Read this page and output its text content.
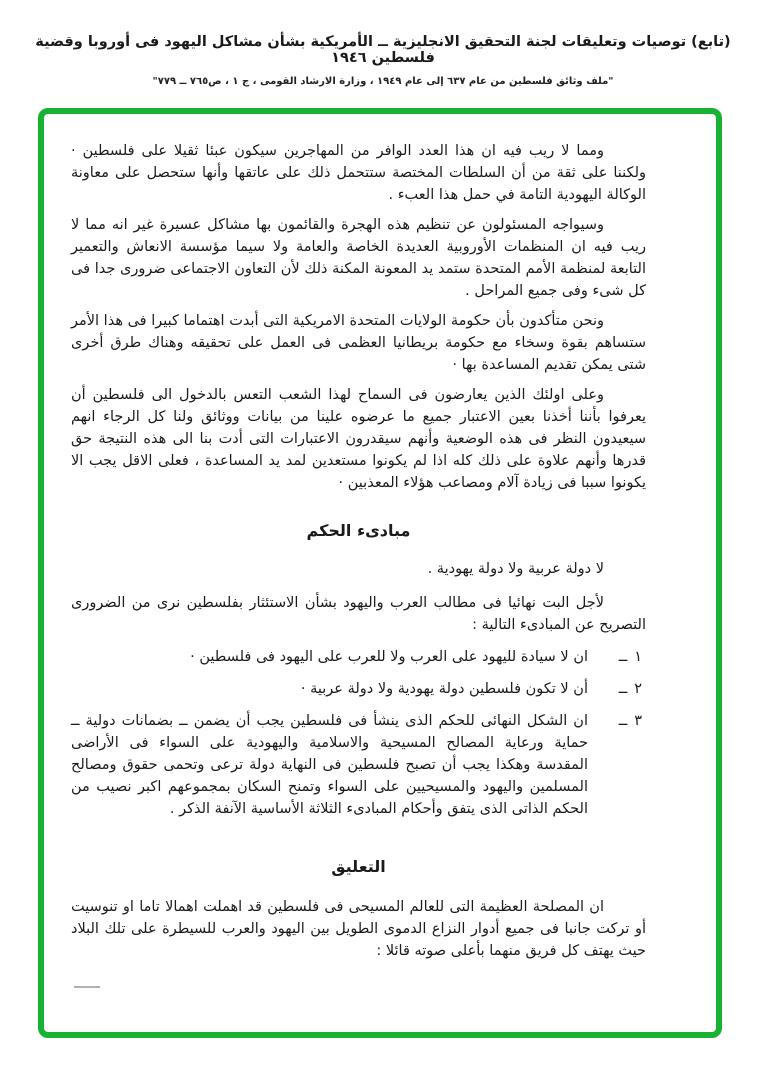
(تابع) توصيات وتعليقات لجنة التحقيق الانجليزية ــ الأمريكية بشأن مشاكل اليهود فى أوروبا وقضية فلسطين ١٩٤٦
"ملف وثائق فلسطين من عام ٦٣٧ إلى عام ١٩٤٩ ، وزارة الارشاد القومى ، ج ١ ، ص٧٦٥ ــ ٧٧٩"

ومما لا ريب فيه ان هذا العدد الوافر من المهاجرين سيكون عبئا ثقيلا على فلسطين · ولكننا على ثقة من أن السلطات المختصة ستتحمل ذلك على عاتقها وأنها ستحصل على معاونة الوكالة اليهودية التامة في حمل هذا العبء .

وسيواجه المسئولون عن تنظيم هذه الهجرة والقائمون بها مشاكل عسيرة غير انه مما لا ريب فيه ان المنظمات الأوروبية العديدة الخاصة والعامة ولا سيما مؤسسة الانعاش والتعمير التابعة لمنظمة الأمم المتحدة ستمد يد المعونة المكنة ذلك لأن التعاون الاجتماعى ضرورى جدا فى كل شىء وفى جميع المراحل .

ونحن متأكدون بأن حكومة الولايات المتحدة الامريكية التى أبدت اهتماما كبيرا فى هذا الأمر ستساهم بقوة وسخاء مع حكومة بريطانيا العظمى فى العمل على تحقيقه وهناك طرق أخرى شتى يمكن تقديم المساعدة بها ·

وعلى اولئك الذين يعارضون فى السماح لهذا الشعب التعس بالدخول الى فلسطين أن يعرفوا بأننا أخذنا بعين الاعتبار جميع ما عرضوه علينا من بيانات ووثائق ولنا كل الرجاء انهم سيعيدون النظر فى هذه الوضعية وأنهم سيقدرون الاعتبارات التى أدت بنا الى هذه النتيجة حق قدرها وأنهم علاوة على ذلك كله اذا لم يكونوا مستعدين لمد يد المساعدة ، فعلى الاقل يجب الا يكونوا سببا فى زيادة آلام ومصاعب هؤلاء المعذبين ·

مبادىء الحكم

لا دولة عربية ولا دولة يهودية .

لأجل البت نهائيا فى مطالب العرب واليهود بشأن الاستئثار بفلسطين نرى من الضرورى التصريح عن المبادىء التالية :

١
ــ
ان لا سيادة لليهود على العرب ولا للعرب على اليهود فى فلسطين ·
٢
ــ
أن لا تكون فلسطين دولة يهودية ولا دولة عربية ·
٣
ــ
ان الشكل النهائى للحكم الذى ينشأ فى فلسطين يجب أن يضمن ــ بضمانات دولية ــ حماية ورعاية المصالح المسيحية والاسلامية واليهودية على السواء فى الأراضى المقدسة وهكذا يجب أن تصبح فلسطين فى النهاية دولة ترعى وتحمى حقوق ومصالح المسلمين واليهود والمسيحيين على السواء وتمنح السكان بمجموعهم اكبر نصيب من الحكم الذاتى الذى يتفق وأحكام المبادىء الثلاثة الأساسية الآنفة الذكر .

التعليق

ان المصلحة العظيمة التى للعالم المسيحى فى فلسطين قد اهملت اهمالا تاما او تنوسيت أو تركت جانبا فى جميع أدوار النزاع الدموى الطويل بين اليهود والعرب للسيطرة على تلك البلاد حيث يهتف كل فريق منهما بأعلى صوته قائلا :
